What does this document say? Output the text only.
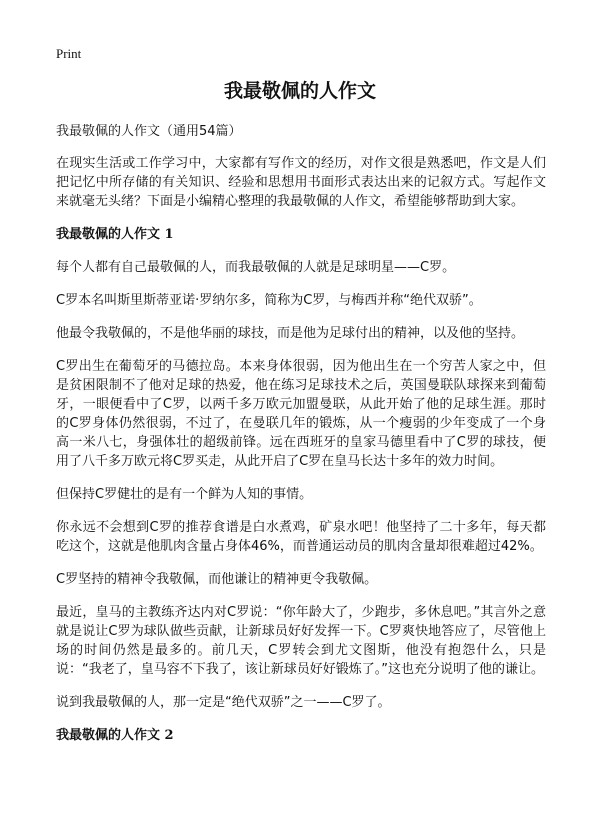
Print
我最敬佩的人作文
我最敬佩的人作文（通用54篇）

在现实生活或工作学习中，大家都有写作文的经历，对作文很是熟悉吧，作文是人们把记忆中所存储的有关知识、经验和思想用书面形式表达出来的记叙方式。写起作文来就毫无头绪？下面是小编精心整理的我最敬佩的人作文，希望能够帮助到大家。

我最敬佩的人作文 1

每个人都有自己最敬佩的人，而我最敬佩的人就是足球明星——C罗。

C罗本名叫斯里斯蒂亚诺·罗纳尔多，简称为C罗，与梅西并称“绝代双骄”。

他最令我敬佩的，不是他华丽的球技，而是他为足球付出的精神，以及他的坚持。

C罗出生在葡萄牙的马德拉岛。本来身体很弱，因为他出生在一个穷苦人家之中，但是贫困限制不了他对足球的热爱，他在练习足球技术之后，英国曼联队球探来到葡萄牙，一眼便看中了C罗，以两千多万欧元加盟曼联，从此开始了他的足球生涯。那时的C罗身体仍然很弱，不过了，在曼联几年的锻炼，从一个瘦弱的少年变成了一个身高一米八七，身强体壮的超级前锋。远在西班牙的皇家马德里看中了C罗的球技，便用了八千多万欧元将C罗买走，从此开启了C罗在皇马长达十多年的效力时间。

但保持C罗健壮的是有一个鲜为人知的事情。

你永远不会想到C罗的推荐食谱是白水煮鸡，矿泉水吧！他坚持了二十多年，每天都吃这个，这就是他肌肉含量占身体46%，而普通运动员的肌肉含量却很难超过42%。

C罗坚持的精神令我敬佩，而他谦让的精神更令我敬佩。

最近，皇马的主教练齐达内对C罗说：“你年龄大了，少跑步，多休息吧。”其言外之意就是说让C罗为球队做些贡献，让新球员好好发挥一下。C罗爽快地答应了，尽管他上场的时间仍然是最多的。前几天，C罗转会到尤文图斯，他没有抱怨什么，只是说：“我老了，皇马容不下我了，该让新球员好好锻炼了。”这也充分说明了他的谦让。

说到我最敬佩的人，那一定是“绝代双骄”之一——C罗了。

我最敬佩的人作文 2
